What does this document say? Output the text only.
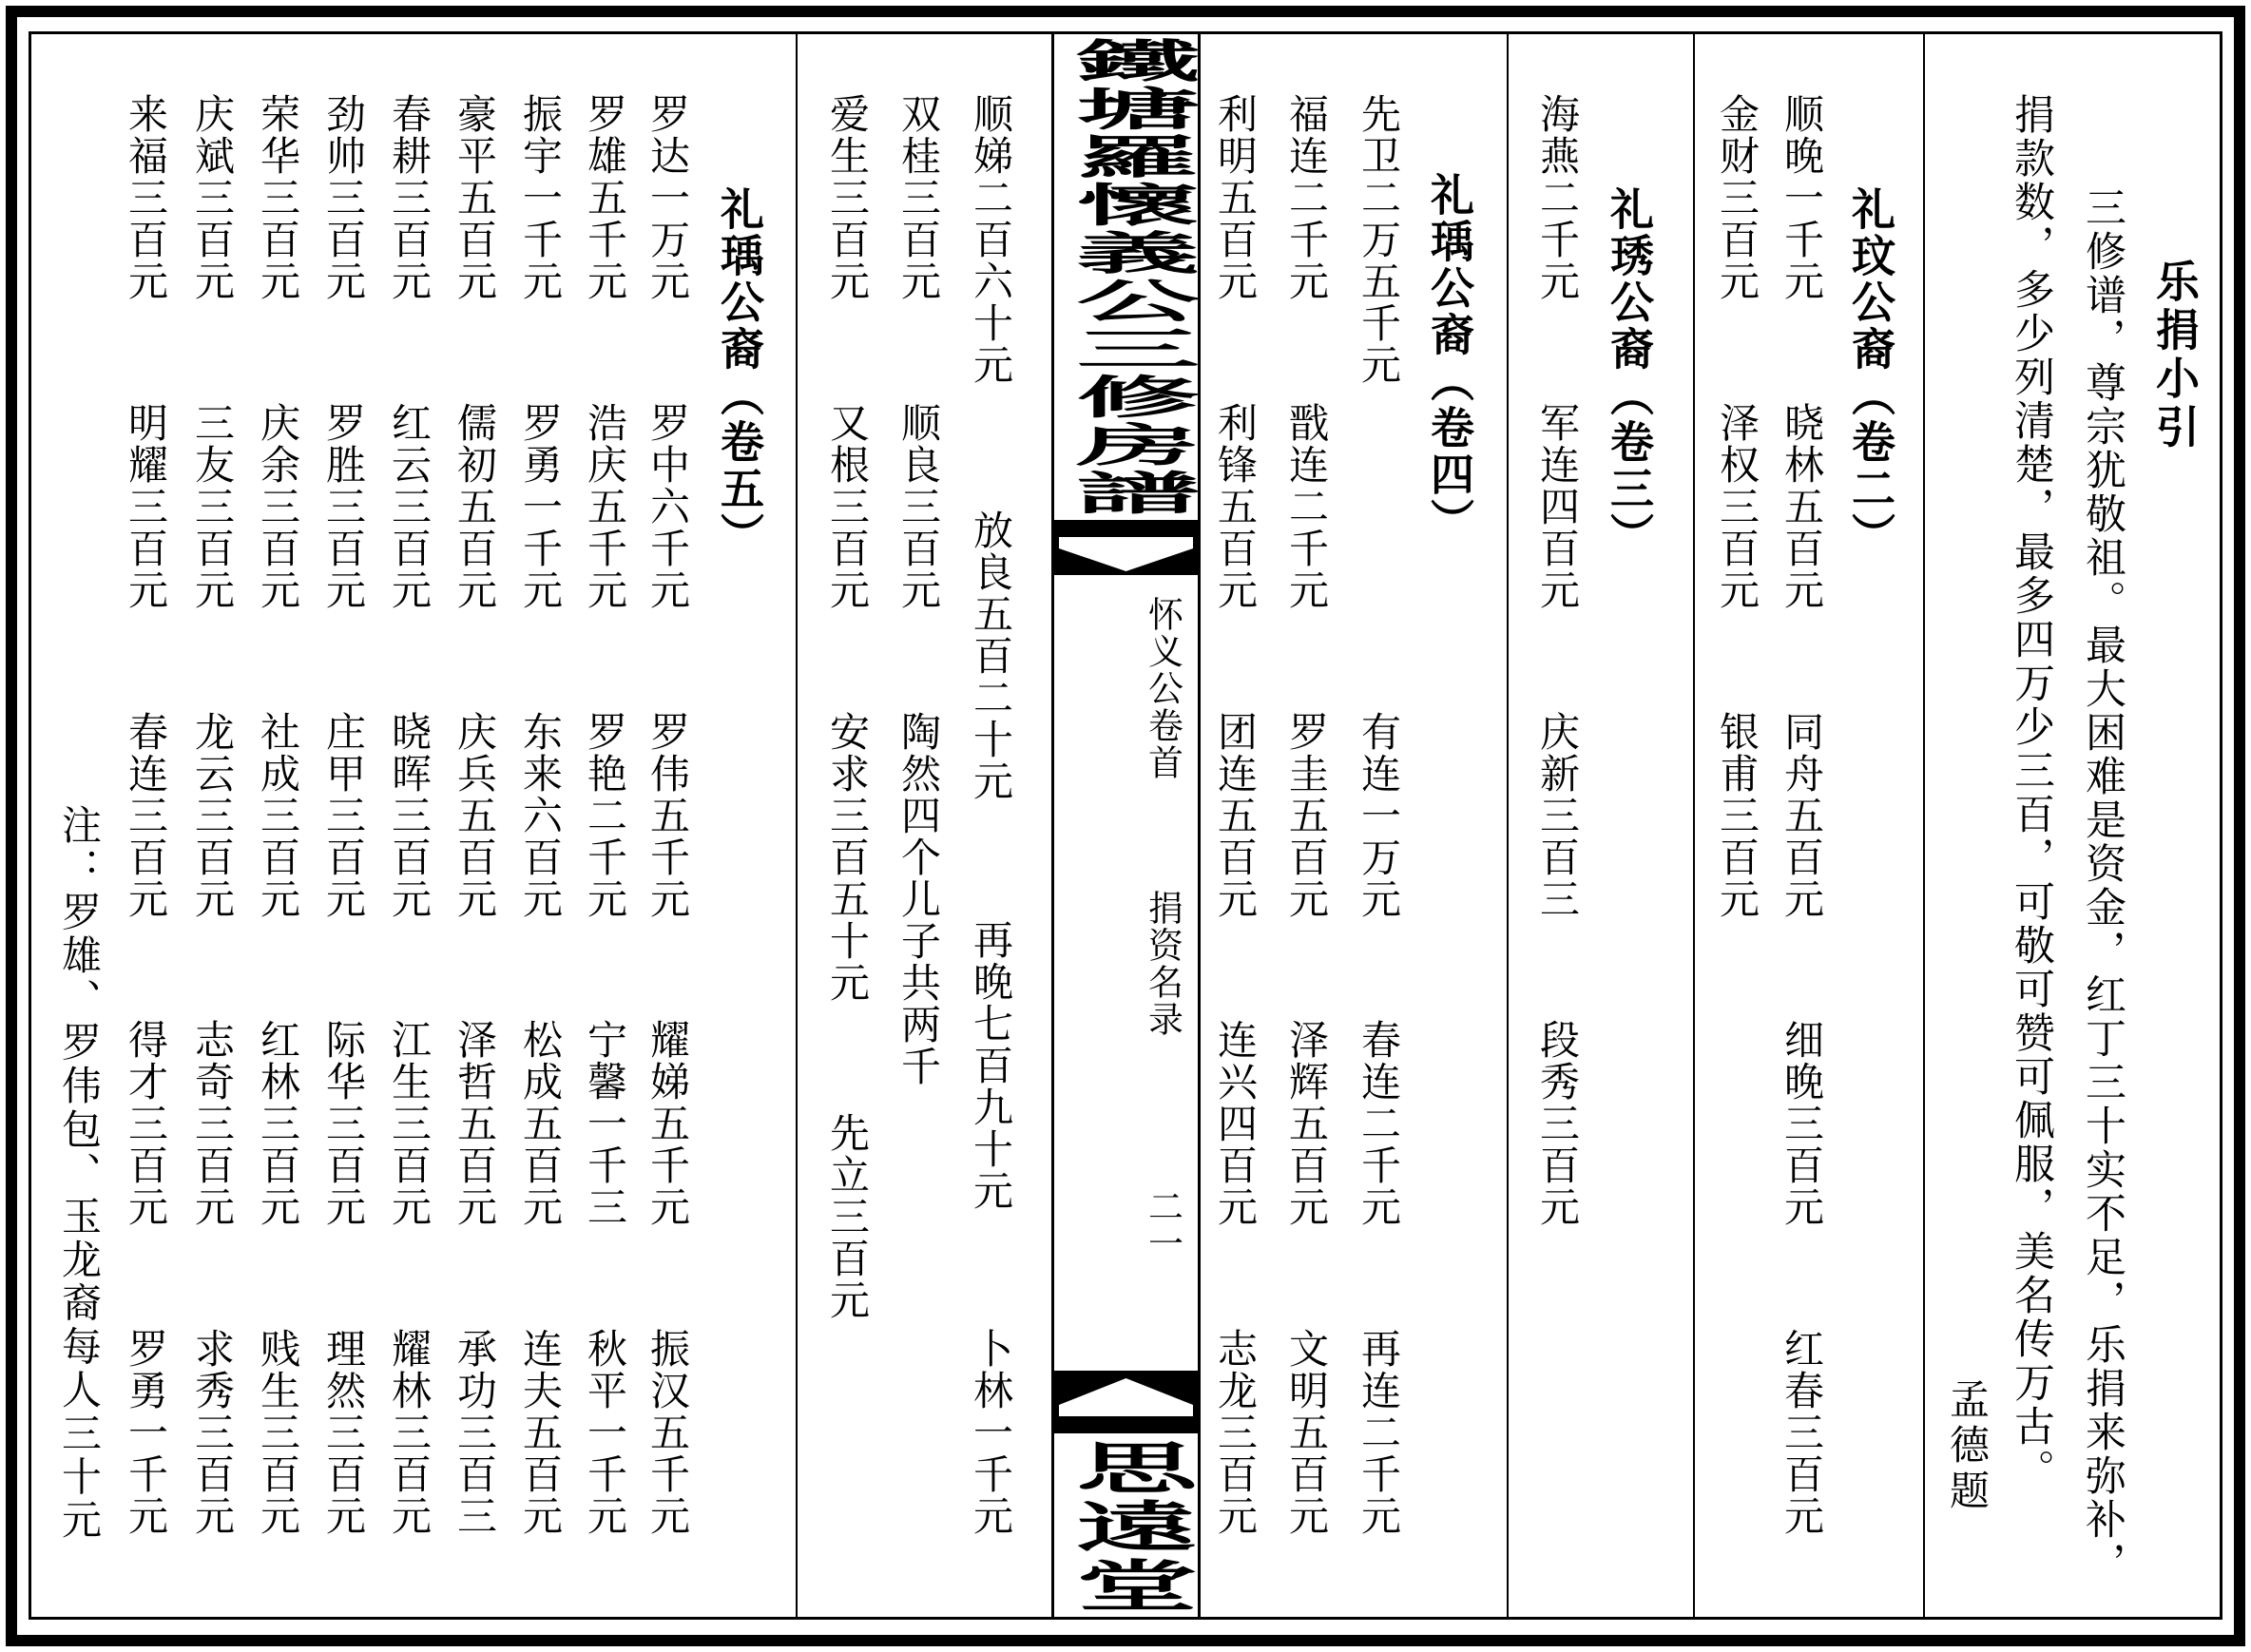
乐捐小引
三修谱，尊宗犹敬祖。最大困难是资金，红丁三十实不足，乐捐来弥补，
捐款数，多少列清楚，最多四万少三百，可敬可赞可佩服，美名传万古。
孟德题
礼玟公裔（卷二）
顺晚一千元
晓林五百元
同舟五百元
细晚三百元
红春三百元
金财三百元
泽权三百元
银甫三百元
礼琇公裔（卷三）
海燕二千元
军连四百元
庆新三百三
段秀三百元
礼瑀公裔（卷四）
先卫二万五千元
有连一万元
春连二千元
再连二千元
福连二千元
戬连二千元
罗圭五百元
泽辉五百元
文明五百元
利明五百元
利锋五百元
团连五百元
连兴四百元
志龙三百元
鐵塘羅懷義公三修房譜
怀义公卷首
捐资名录
二一
思遠堂
顺娣二百六十元
放良五百二十元
再晚七百九十元
卜林一千元
双桂三百元
顺良三百元
陶然四个儿子共两千
爱生三百元
又根三百元
安求三百五十元
先立三百元
礼瑀公裔（卷五）
罗达一万元
罗中六千元
罗伟五千元
耀娣五千元
振汉五千元
罗雄五千元
浩庆五千元
罗艳二千元
宁馨一千三
秋平一千元
振宇一千元
罗勇一千元
东来六百元
松成五百元
连夫五百元
豪平五百元
儒初五百元
庆兵五百元
泽哲五百元
承功三百三
春耕三百元
红云三百元
晓晖三百元
江生三百元
耀林三百元
劲帅三百元
罗胜三百元
庄甲三百元
际华三百元
理然三百元
荣华三百元
庆余三百元
社成三百元
红林三百元
贱生三百元
庆斌三百元
三友三百元
龙云三百元
志奇三百元
求秀三百元
来福三百元
明耀三百元
春连三百元
得才三百元
罗勇一千元
注：罗雄、罗伟包、玉龙裔每人三十元
